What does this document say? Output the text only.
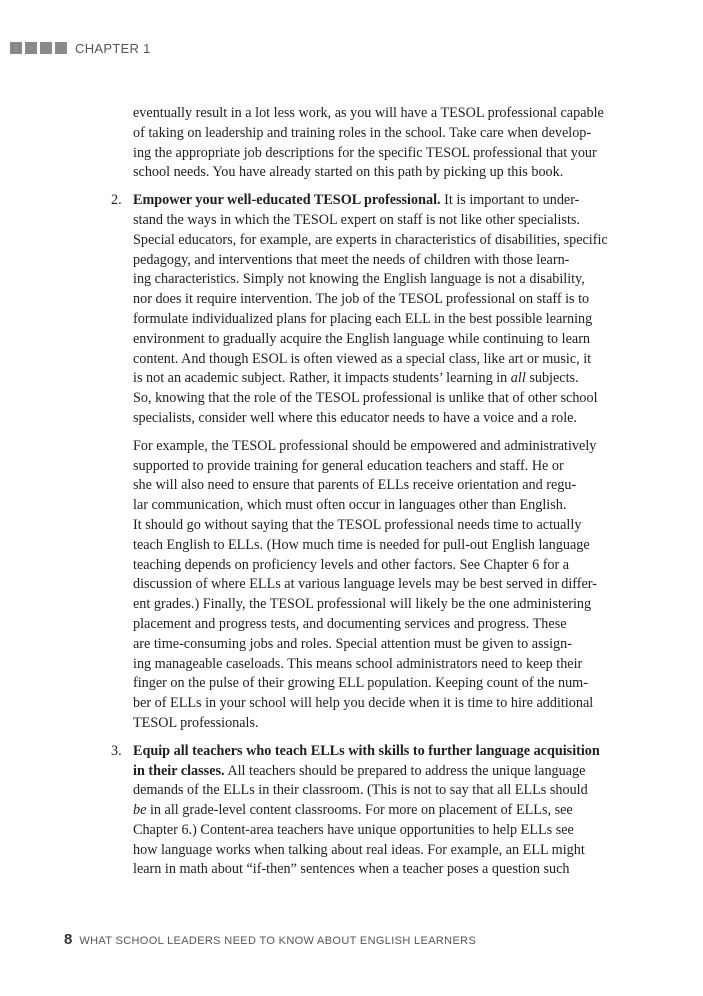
CHAPTER 1
eventually result in a lot less work, as you will have a TESOL professional capable
of taking on leadership and training roles in the school. Take care when develop-
ing the appropriate job descriptions for the specific TESOL professional that your
school needs. You have already started on this path by picking up this book.
2. Empower your well-educated TESOL professional. It is important to under-
stand the ways in which the TESOL expert on staff is not like other specialists.
Special educators, for example, are experts in characteristics of disabilities, specific
pedagogy, and interventions that meet the needs of children with those learn-
ing characteristics. Simply not knowing the English language is not a disability,
nor does it require intervention. The job of the TESOL professional on staff is to
formulate individualized plans for placing each ELL in the best possible learning
environment to gradually acquire the English language while continuing to learn
content. And though ESOL is often viewed as a special class, like art or music, it
is not an academic subject. Rather, it impacts students’ learning in all subjects.
So, knowing that the role of the TESOL professional is unlike that of other school
specialists, consider well where this educator needs to have a voice and a role.
For example, the TESOL professional should be empowered and administratively
supported to provide training for general education teachers and staff. He or
she will also need to ensure that parents of ELLs receive orientation and regu-
lar communication, which must often occur in languages other than English.
It should go without saying that the TESOL professional needs time to actually
teach English to ELLs. (How much time is needed for pull-out English language
teaching depends on proficiency levels and other factors. See Chapter 6 for a
discussion of where ELLs at various language levels may be best served in differ-
ent grades.) Finally, the TESOL professional will likely be the one administering
placement and progress tests, and documenting services and progress. These
are time-consuming jobs and roles. Special attention must be given to assign-
ing manageable caseloads. This means school administrators need to keep their
finger on the pulse of their growing ELL population. Keeping count of the num-
ber of ELLs in your school will help you decide when it is time to hire additional
TESOL professionals.
3. Equip all teachers who teach ELLs with skills to further language acquisition
in their classes. All teachers should be prepared to address the unique language
demands of the ELLs in their classroom. (This is not to say that all ELLs should
be in all grade-level content classrooms. For more on placement of ELLs, see
Chapter 6.) Content-area teachers have unique opportunities to help ELLs see
how language works when talking about real ideas. For example, an ELL might
learn in math about “if-then” sentences when a teacher poses a question such
8 WHAT SCHOOL LEADERS NEED TO KNOW ABOUT ENGLISH LEARNERS
